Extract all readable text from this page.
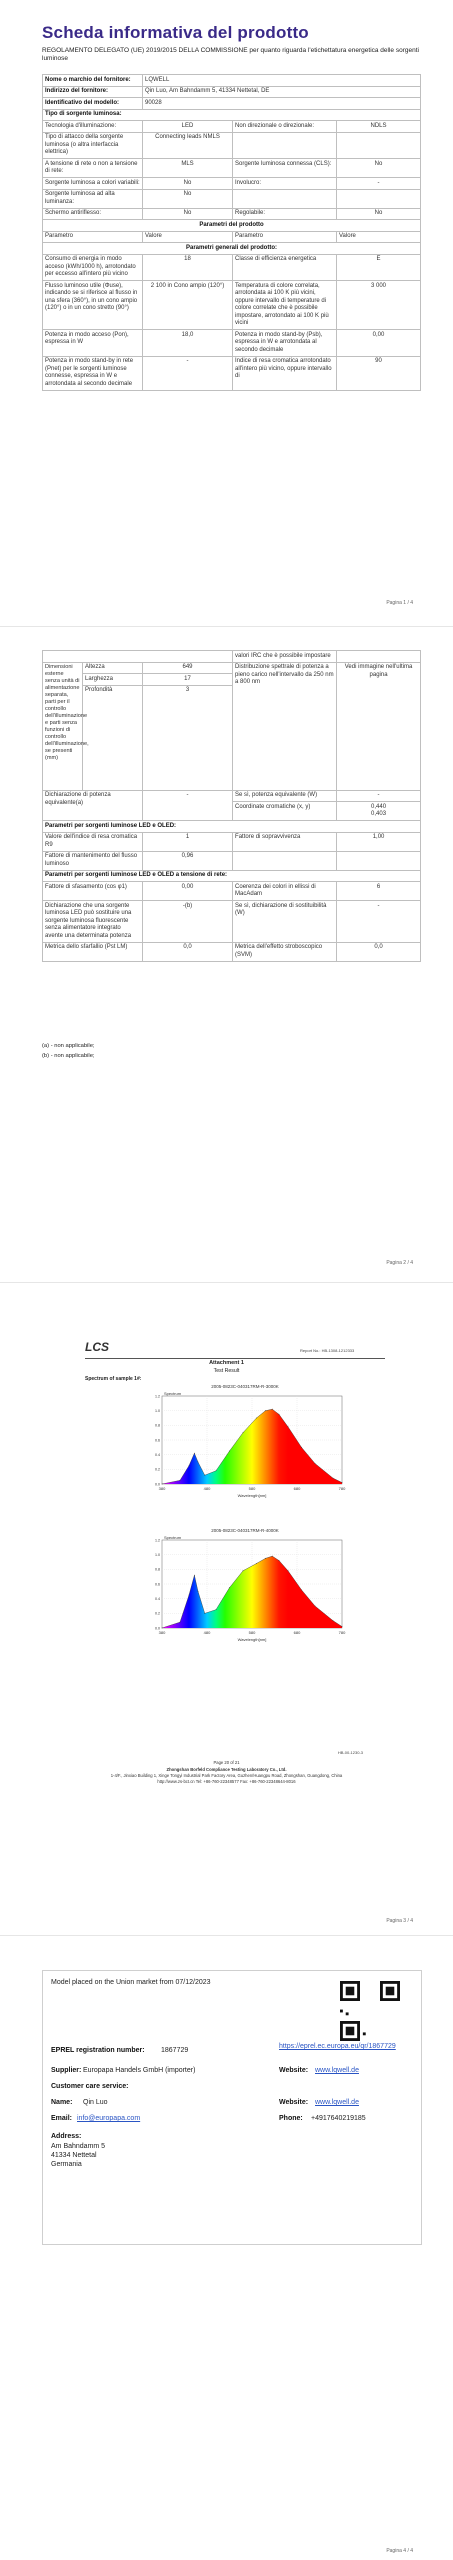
Scheda informativa del prodotto
REGOLAMENTO DELEGATO (UE) 2019/2015 DELLA COMMISSIONE per quanto riguarda l'etichettatura energetica delle sorgenti luminose
Nome o marchio del fornitore:	LQWELL		
Indirizzo del fornitore:	Qin Luo, Am Bahndamm 5, 41334 Nettetal, DE		
Identificativo del modello:	90028		
Tipo di sorgente luminosa:			
Tecnologia d'illuminazione:	LED	Non direzionale o direzionale:	NDLS
Tipo di attacco della sorgente luminosa (o altra interfaccia elettrica)	Connecting leads NMLS		
A tensione di rete o non a tensione di rete:	MLS	Sorgente luminosa connessa (CLS):	No
Sorgente luminosa a colori variabili:	No	Involucro:	-
Sorgente luminosa ad alta luminanza:	No		
Schermo antiriflesso:	No	Regolabile:	No
Parametri del prodotto			
Parametro	Valore	Parametro	Valore
Parametri generali del prodotto:			
Consumo di energia in modo acceso (kWh/1000 h), arrotondato per eccesso all'intero più vicino	18	Classe di efficienza energetica	E
Flusso luminoso utile (Φuse), indicando se si riferisce al flusso in una sfera (360°), in un cono ampio (120°) o in un cono stretto (90°)	2 100 in Cono ampio (120°)	Temperatura di colore correlata, arrotondata ai 100 K più vicini, oppure intervallo di temperature di colore correlate che è possibile impostare, arrotondato ai 100 K più vicini	3 000
Potenza in modo acceso (Pon), espressa in W	18,0	Potenza in modo stand-by (Psb), espressa in W e arrotondata al secondo decimale	0,00
Potenza in modo stand-by in rete (Pnet) per le sorgenti luminose connesse, espressa in W e arrotondata al secondo decimale	-	Indice di resa cromatica arrotondato all'intero più vicino, oppure intervallo di	90
Pagina 1 / 4
			valori IRC che è possibile impostare	
Dimensioni esterne senza unità di alimentazione separata, parti per il controllo dell'illuminazione e parti senza funzioni di controllo dell'illuminazione, se presenti (mm)	Altezza	649	Distribuzione spettrale di potenza a pieno carico nell'intervallo da 250 nm a 800 nm	Vedi immagine nell'ultima pagina
	Larghezza	17		
	Profondità	3		
Dichiarazione di potenza equivalente(a)		-	Se sì, potenza equivalente (W)	-
			Coordinate cromatiche (x, y)	0,440
0,403
Parametri per sorgenti luminose LED e OLED:				
Valore dell'indice di resa cromatica R9		1	Fattore di sopravvivenza	1,00
Fattore di mantenimento del flusso luminoso		0,96		
Parametri per sorgenti luminose LED e OLED a tensione di rete:				
Fattore di sfasamento (cos φ1)		0,00	Coerenza dei colori in ellissi di MacAdam	6
Dichiarazione che una sorgente luminosa LED può sostituire una sorgente luminosa fluorescente senza alimentatore integrato avente una determinata potenza		-(b)	Se sì, dichiarazione di sostituibilità (W)	-
Metrica dello sfarfallio (Pst LM)		0,0	Metrica dell'effetto stroboscopico (SVM)	0,0
(a) - non applicabile;
(b) - non applicabile;
Pagina 2 / 4
LCS	Report No.: HB-1308-1212333
Attachment 1
Test Result
Spectrum of sample 1#:
2005-0823C-040317RM-R-3000K
380	480	580	680	780
0.0
0.2
0.4
0.6
0.8
1.0
1.2
Spectrum
Wavelength[nm]
2005-0823C-040317RM-R-4000K
380	480	580	680	780
0.0
0.2
0.4
0.6
0.8
1.0
1.2
Spectrum
Wavelength[nm]
Page 20 of 21
HB-00-1230-3
Zhongshan Borfeld Compliance Testing Laboratory Co., Ltd.
1-4/F., Jinxiao Building 1, Xinge Tongyi Industrial Park Factory Area, Guzhen/Huangpu Road, Zhongshan, Guangdong, China
http://www.zs-bct.cn Tel: +86-760-22348577 Fax: +86-760-22348644-8016
Pagina 3 / 4
Model placed on the Union market from 07/12/2023
EPREL registration number: 1867729
https://eprel.ec.europa.eu/qr/1867729
Supplier: Europapa Handels GmbH (importer)	Website: www.lqwell.de
Customer care service:
Name: Qin Luo	Website: www.lqwell.de
Email: info@europapa.com	Phone: +4917640219185
Address:
Am Bahndamm 5
41334 Nettetal
Germania
Pagina 4 / 4
